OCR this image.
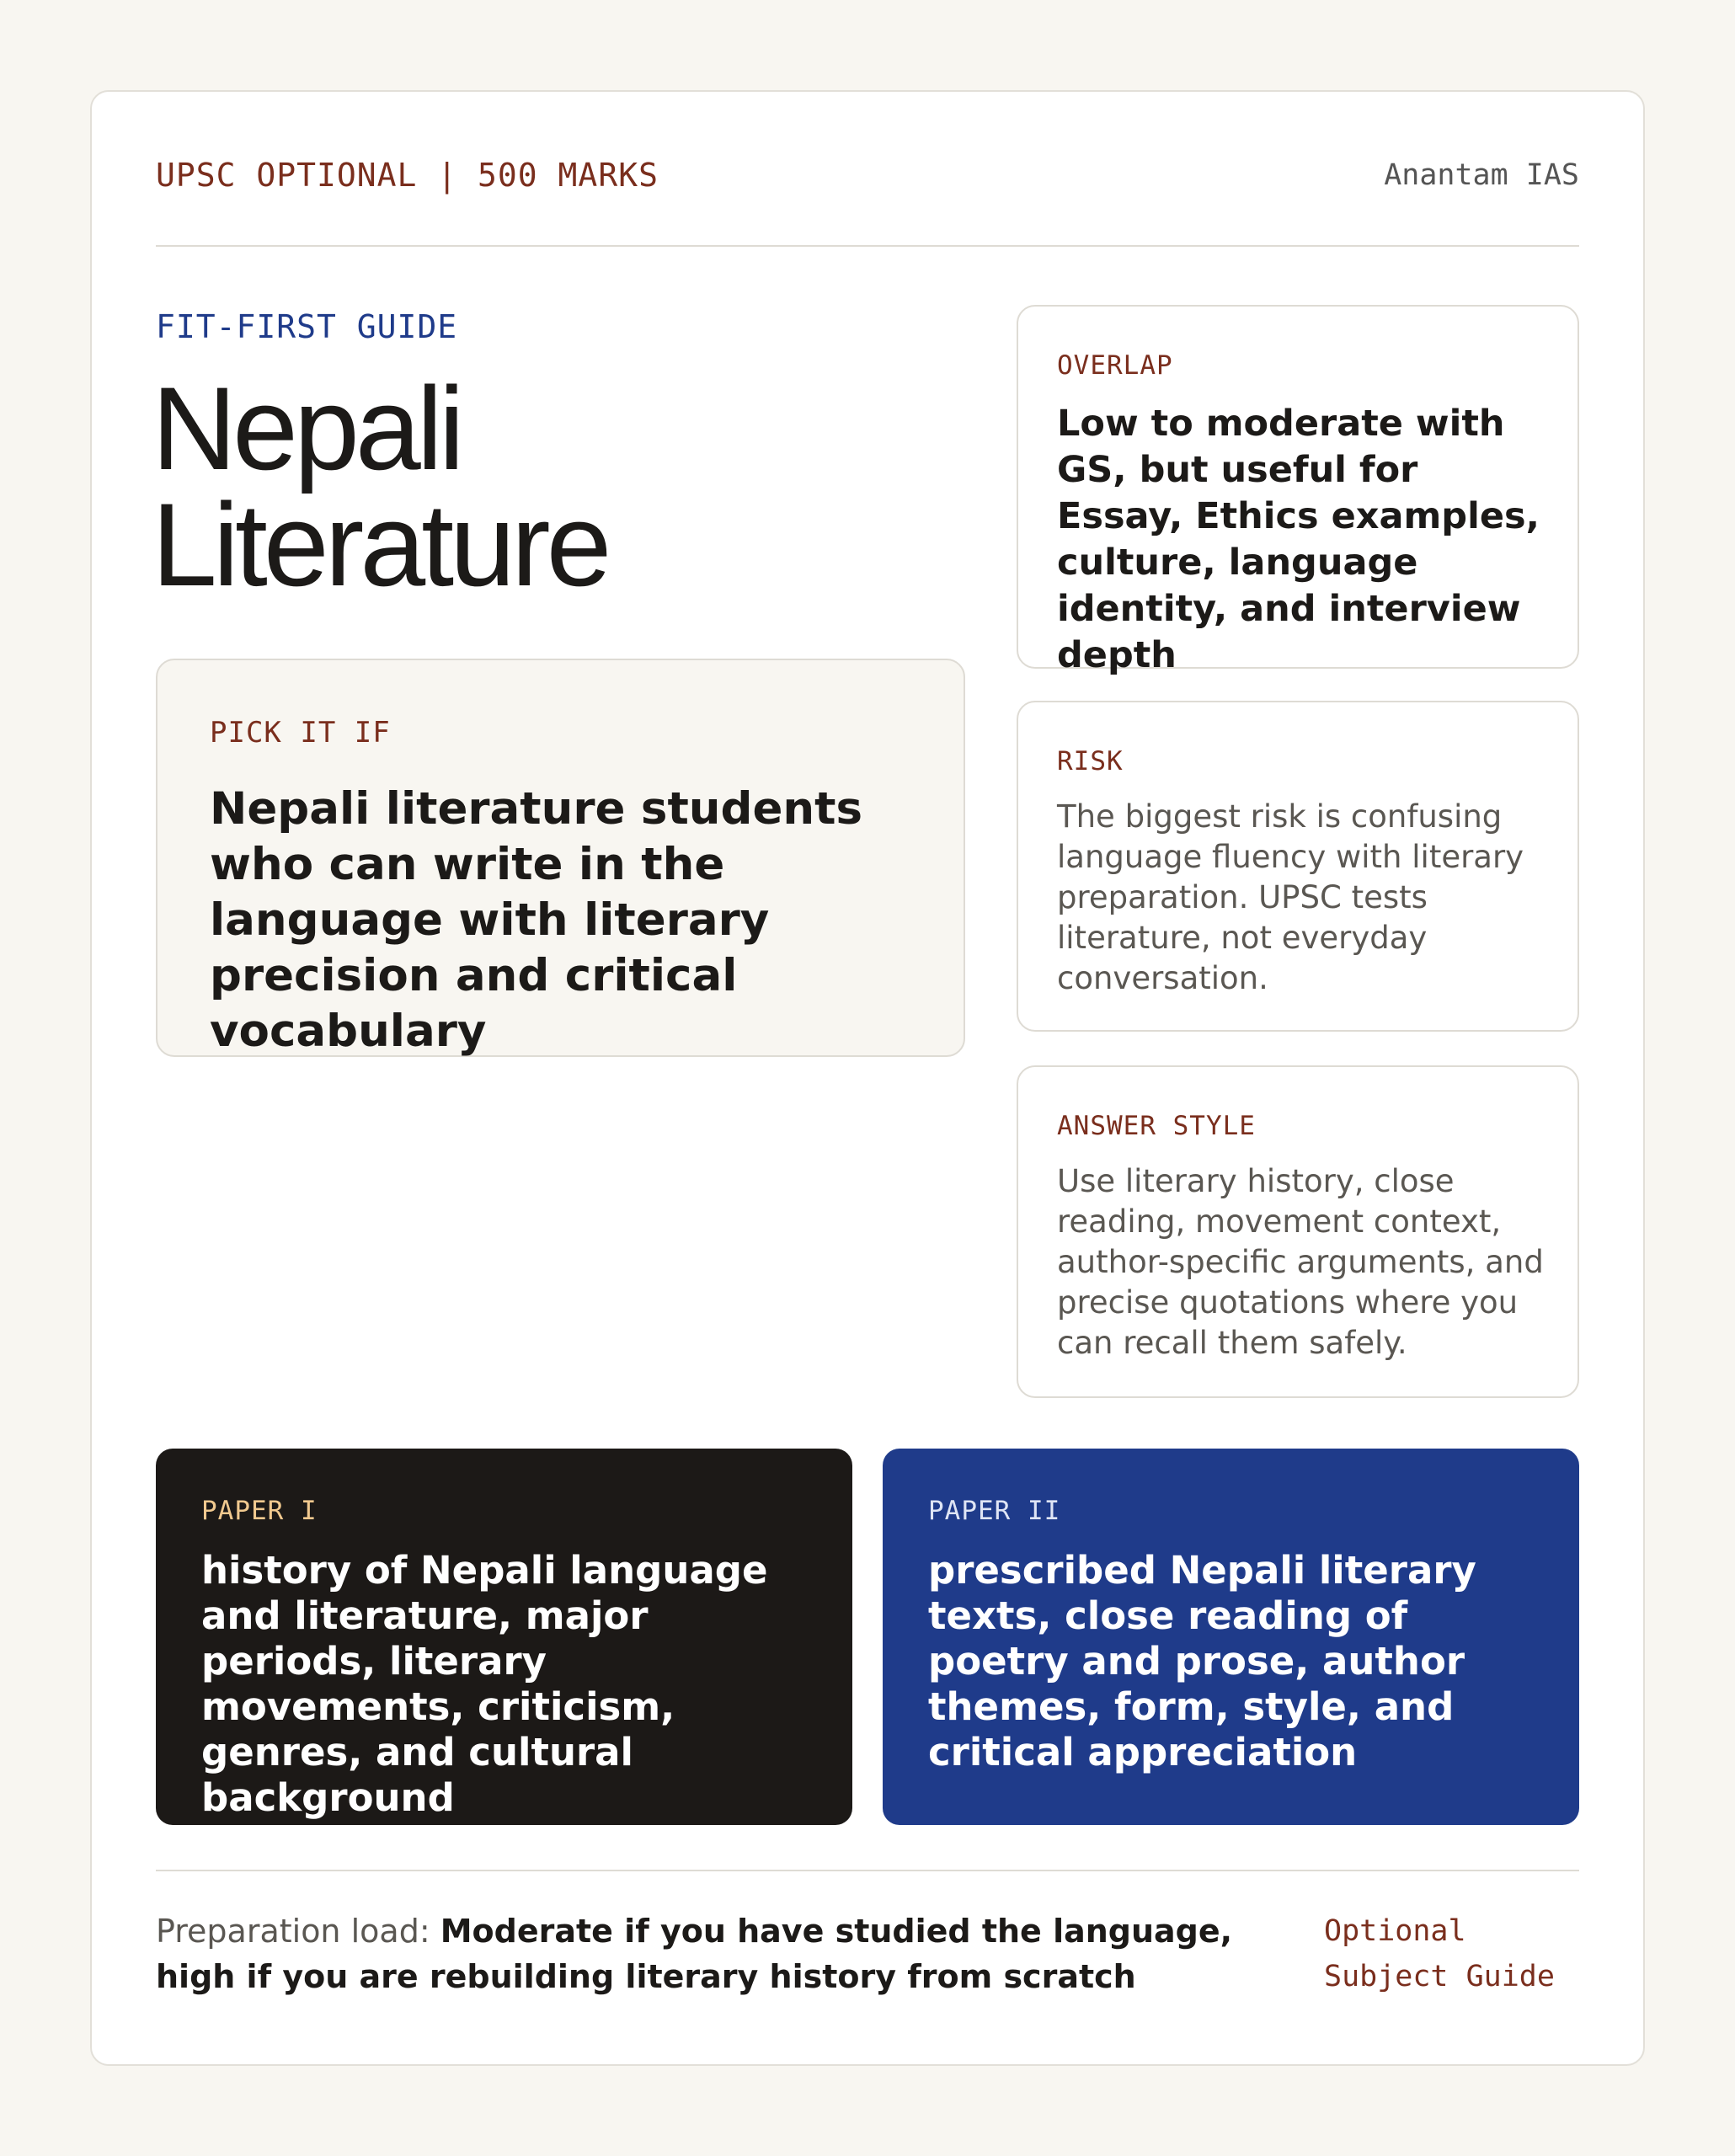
UPSC OPTIONAL | 500 MARKS	Anantam IAS
FIT-FIRST GUIDE
Nepali
Literature
PICK IT IF
Nepali literature students who can write in the language with literary precision and critical vocabulary
OVERLAP
Low to moderate with GS, but useful for Essay, Ethics examples, culture, language identity, and interview depth
RISK
The biggest risk is confusing language fluency with literary preparation. UPSC tests literature, not everyday conversation.
ANSWER STYLE
Use literary history, close reading, movement context, author-specific arguments, and precise quotations where you can recall them safely.
PAPER I
history of Nepali language and literature, major periods, literary movements, criticism, genres, and cultural background
PAPER II
prescribed Nepali literary texts, close reading of poetry and prose, author themes, form, style, and critical appreciation
Preparation load: Moderate if you have studied the language, high if you are rebuilding literary history from scratch
Optional
Subject Guide
